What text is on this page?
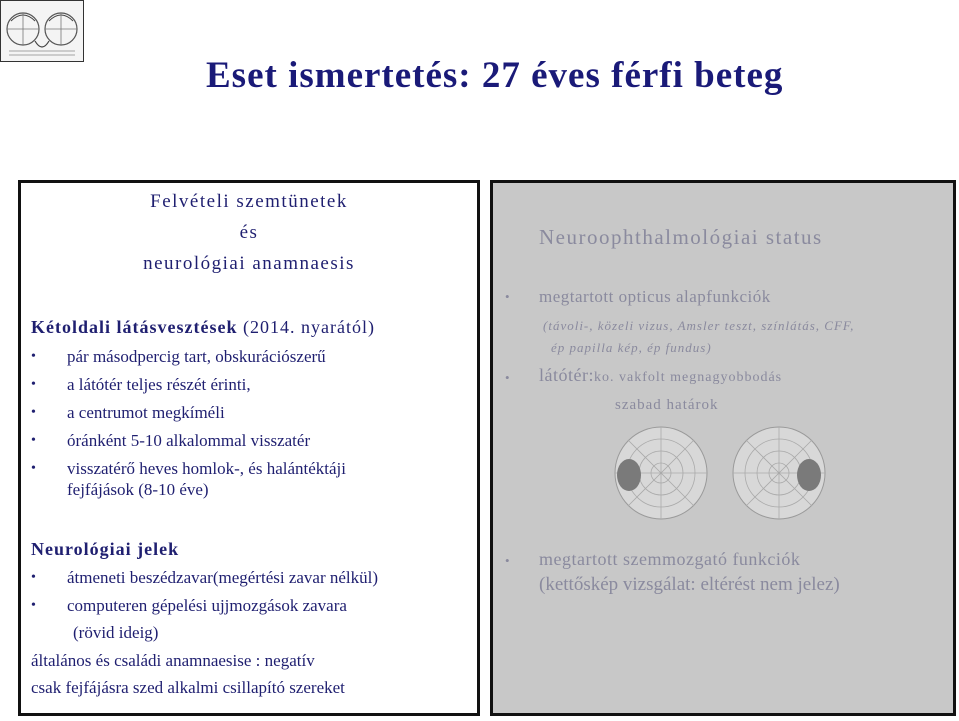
Eset ismertetés: 27 éves férfi beteg
Felvételi szemtünetek
és
neurológiai anamnaesis
Kétoldali látásvesztések (2014. nyarától)
• pár másodpercig tart, obskurációszerű
• a látótér teljes részét érinti,
• a centrumot megkíméli
• óránként 5-10 alkalommal visszatér
• visszatérő heves homlok-, és halántéktáji
fejfájások (8-10 éve)
Neurológiai jelek
• átmeneti beszédzavar(megértési zavar nélkül)
• computeren gépelési ujjmozgások zavara
(rövid ideig)
általános és családi anamnaesise : negatív
csak fejfájásra szed alkalmi csillapító szereket
Neuroophthalmológiai status
• megtartott opticus alapfunkciók
(távoli-, közeli vizus, Amsler teszt, színlátás, CFF,
ép papilla kép, ép fundus)
• látótér:ko. vakfolt megnagyobbodás
szabad határok
• megtartott szemmozgató funkciók
(kettőskép vizsgálat: eltérést nem jelez)
